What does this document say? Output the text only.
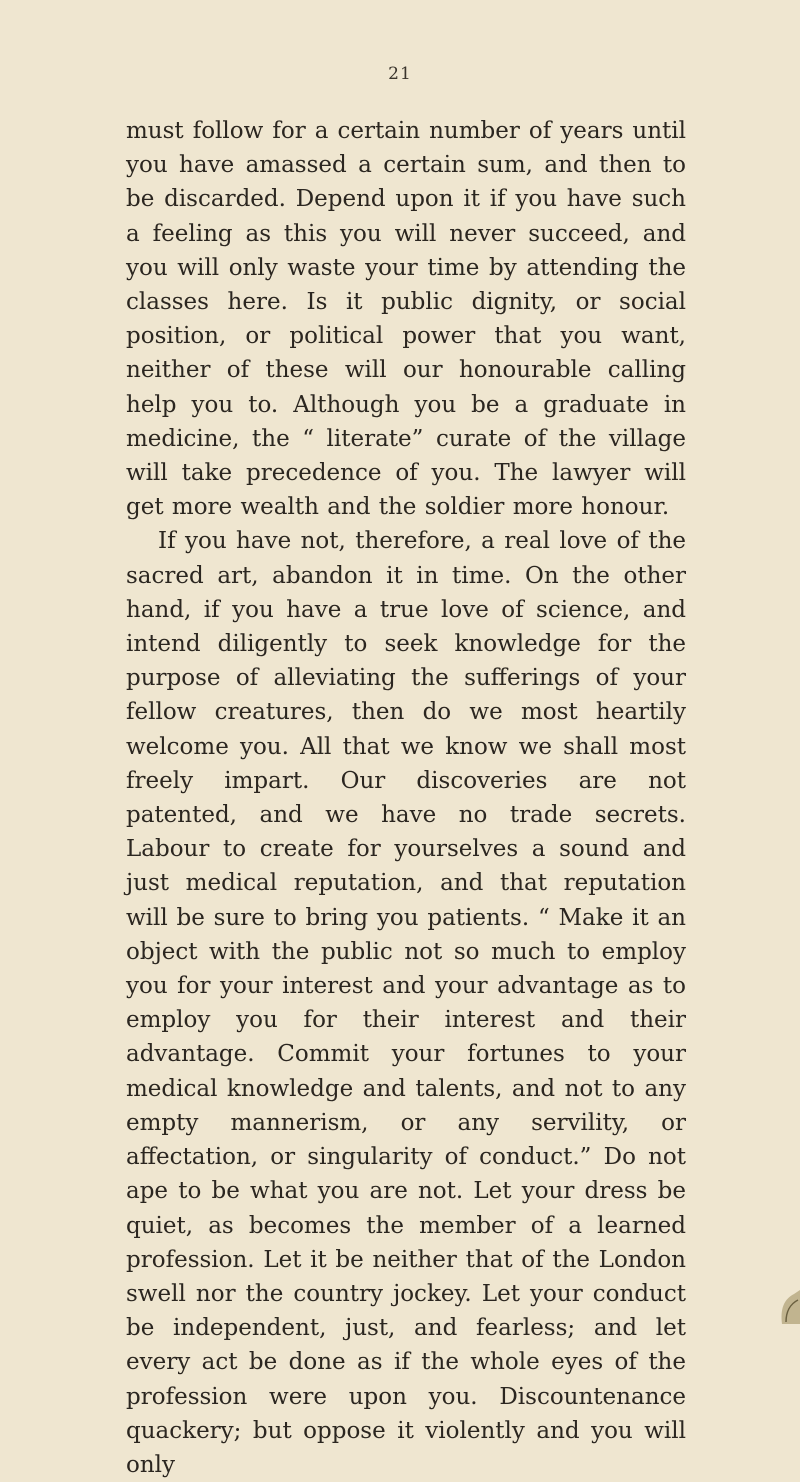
21

must follow for a certain number of years until you have amassed a certain sum, and then to be discarded. Depend upon it if you have such a feeling as this you will never succeed, and you will only waste your time by attending the classes here. Is it public dignity, or social position, or political power that you want, neither of these will our honourable calling help you to. Although you be a graduate in medicine, the “ literate” curate of the village will take precedence of you. The lawyer will get more wealth and the soldier more honour.

If you have not, therefore, a real love of the sacred art, abandon it in time. On the other hand, if you have a true love of science, and intend diligently to seek knowledge for the purpose of alleviating the sufferings of your fellow creatures, then do we most heartily welcome you. All that we know we shall most freely impart. Our discoveries are not patented, and we have no trade secrets. Labour to create for yourselves a sound and just medical reputation, and that reputation will be sure to bring you patients. “ Make it an object with the public not so much to employ you for your interest and your advantage as to employ you for their interest and their advantage. Commit your fortunes to your medical knowledge and talents, and not to any empty mannerism, or any servility, or affectation, or singularity of conduct.” Do not ape to be what you are not. Let your dress be quiet, as becomes the member of a learned profession. Let it be neither that of the London swell nor the country jockey. Let your conduct be independent, just, and fearless; and let every act be done as if the whole eyes of the profession were upon you. Discountenance quackery; but oppose it violently and you will only
